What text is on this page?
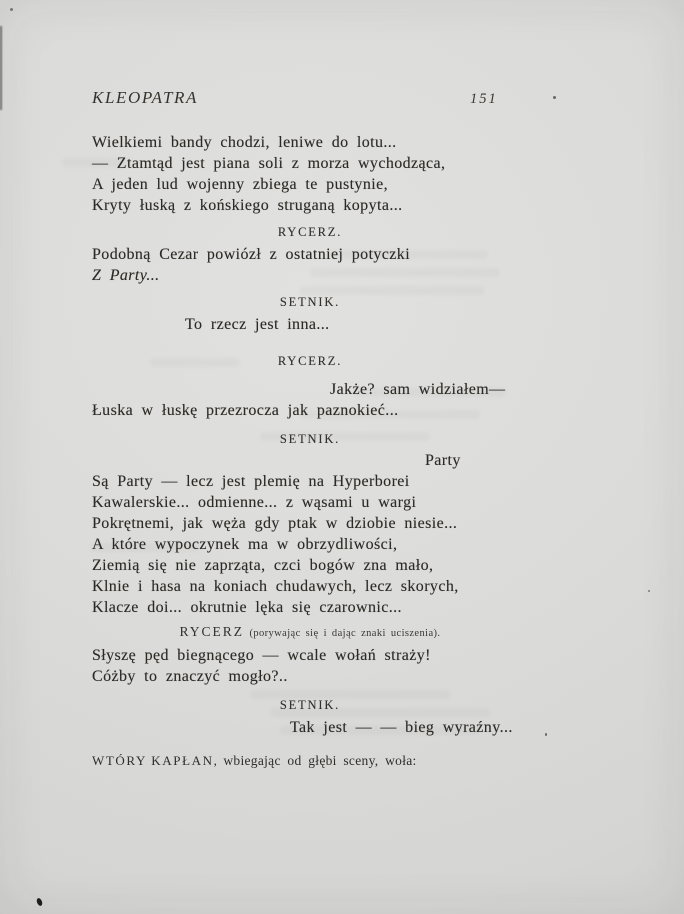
KLEOPATRA	151
Wielkiemi bandy chodzi, leniwe do lotu...
— Ztamtąd jest piana soli z morza wychodząca,
A jeden lud wojenny zbiega te pustynie,
Kryty łuską z końskiego struganą kopyta...
RYCERZ.
Podobną Cezar powiózł z ostatniej potyczki
Z Party...
SETNIK.
To rzecz jest inna...
RYCERZ.
Jakże? sam widziałem—
Łuska w łuskę przezrocza jak paznokieć...
SETNIK.
Party
Są Party — lecz jest plemię na Hyperborei
Kawalerskie... odmienne... z wąsami u wargi
Pokrętnemi, jak węża gdy ptak w dziobie niesie...
A które wypoczynek ma w obrzydliwości,
Ziemią się nie zaprząta, czci bogów zna mało,
Klnie i hasa na koniach chudawych, lecz skorych,
Klacze doi... okrutnie lęka się czarownic...
RYCERZ (porywając się i dając znaki uciszenia).
Słyszę pęd biegnącego — wcale wołań straży!
Cóżby to znaczyć mogło?..
SETNIK.
Tak jest — — bieg wyraźny...
WTÓRY KAPŁAN, wbiegając od głębi sceny, woła:
